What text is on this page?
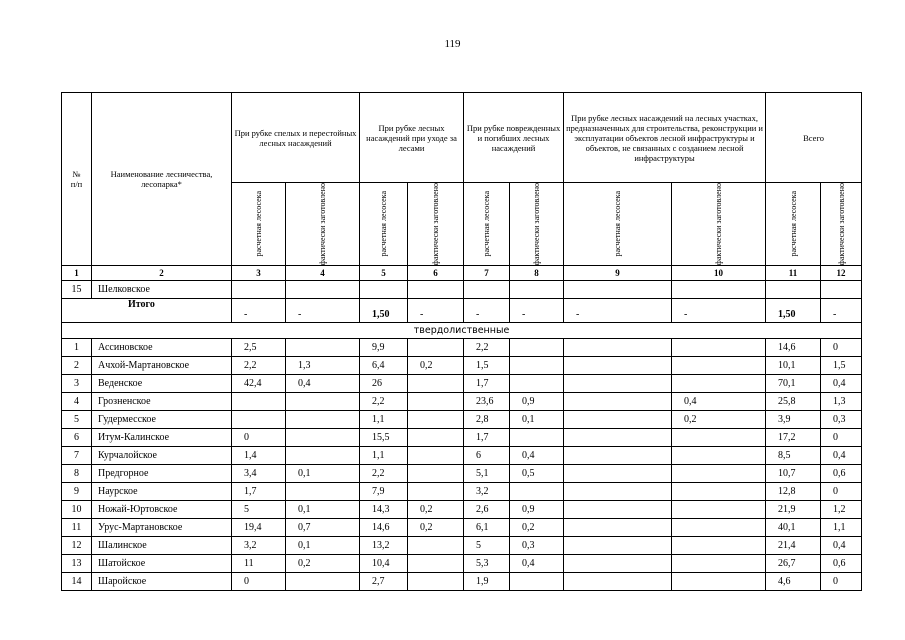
119
№
п/п	Наименование лесничества, лесопарка*	При рубке спелых и перестойных лесных насаждений		При рубке лесных насаждений при уходе за лесами		При рубке поврежденных и погибших лесных насаждений		При рубке лесных насаждений на лесных участках, предназначенных для строительства, реконструкции и эксплуатации объектов лесной инфраструктуры и объектов, не связанных с созданием лесной инфраструктуры		Всего	

		расчетная лесосека	фактически заготовлено	расчетная лесосека	фактически заготовлено	расчетная лесосека	фактически заготовлено	расчетная лесосека	фактически заготовлено	расчетная лесосека	фактически заготовлено

1	2	3	4	5	6	7	8	9	10	11	12
15	Шелковское										
Итого		-	-	1,50	-	-	-	-	-	1,50	-
твердолиственные											
1	Ассиновское	2,5		9,9		2,2				14,6	0
2	Ачхой-Мартановское	2,2	1,3	6,4	0,2	1,5				10,1	1,5
3	Веденское	42,4	0,4	26		1,7				70,1	0,4
4	Грозненское			2,2		23,6	0,9		0,4	25,8	1,3
5	Гудермесское			1,1		2,8	0,1		0,2	3,9	0,3
6	Итум-Калинское	0		15,5		1,7				17,2	0
7	Курчалойское	1,4		1,1		6	0,4			8,5	0,4
8	Предгорное	3,4	0,1	2,2		5,1	0,5			10,7	0,6
9	Наурское	1,7		7,9		3,2				12,8	0
10	Ножай-Юртовское	5	0,1	14,3	0,2	2,6	0,9			21,9	1,2
11	Урус-Мартановское	19,4	0,7	14,6	0,2	6,1	0,2			40,1	1,1
12	Шалинское	3,2	0,1	13,2		5	0,3			21,4	0,4
13	Шатойское	11	0,2	10,4		5,3	0,4			26,7	0,6
14	Шаройское	0		2,7		1,9				4,6	0
